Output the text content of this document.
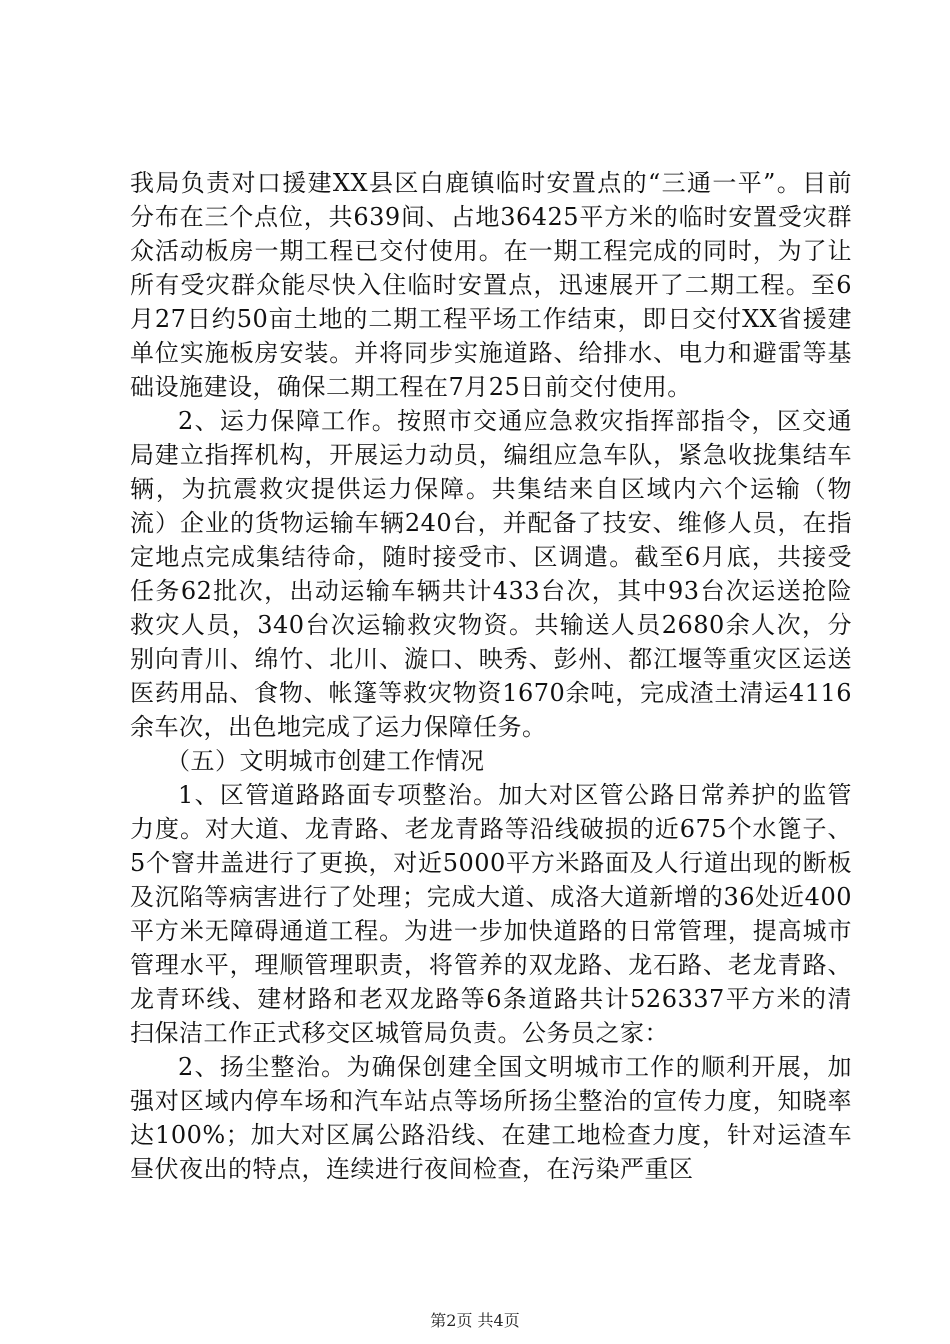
我局负责对口援建XX县区白鹿镇临时安置点的“三通一平”。目前分布在三个点位，共639间、占地36425平方米的临时安置受灾群众活动板房一期工程已交付使用。在一期工程完成的同时，为了让所有受灾群众能尽快入住临时安置点，迅速展开了二期工程。至6月27日约50亩土地的二期工程平场工作结束，即日交付XX省援建单位实施板房安装。并将同步实施道路、给排水、电力和避雷等基础设施建设，确保二期工程在7月25日前交付使用。

2、运力保障工作。按照市交通应急救灾指挥部指令，区交通局建立指挥机构，开展运力动员，编组应急车队，紧急收拢集结车辆，为抗震救灾提供运力保障。共集结来自区域内六个运输（物流）企业的货物运输车辆240台，并配备了技安、维修人员，在指定地点完成集结待命，随时接受市、区调遣。截至6月底，共接受任务62批次，出动运输车辆共计433台次，其中93台次运送抢险救灾人员，340台次运输救灾物资。共输送人员2680余人次，分别向青川、绵竹、北川、漩口、映秀、彭州、都江堰等重灾区运送医药用品、食物、帐篷等救灾物资1670余吨，完成渣土清运4116余车次，出色地完成了运力保障任务。

（五）文明城市创建工作情况

1、区管道路路面专项整治。加大对区管公路日常养护的监管力度。对大道、龙青路、老龙青路等沿线破损的近675个水篦子、5个窨井盖进行了更换，对近5000平方米路面及人行道出现的断板及沉陷等病害进行了处理；完成大道、成洛大道新增的36处近400平方米无障碍通道工程。为进一步加快道路的日常管理，提高城市管理水平，理顺管理职责，将管养的双龙路、龙石路、老龙青路、龙青环线、建材路和老双龙路等6条道路共计526337平方米的清扫保洁工作正式移交区城管局负责。公务员之家：

2、扬尘整治。为确保创建全国文明城市工作的顺利开展，加强对区域内停车场和汽车站点等场所扬尘整治的宣传力度，知晓率达100%；加大对区属公路沿线、在建工地检查力度，针对运渣车昼伏夜出的特点，连续进行夜间检查，在污染严重区

第2页 共4页
